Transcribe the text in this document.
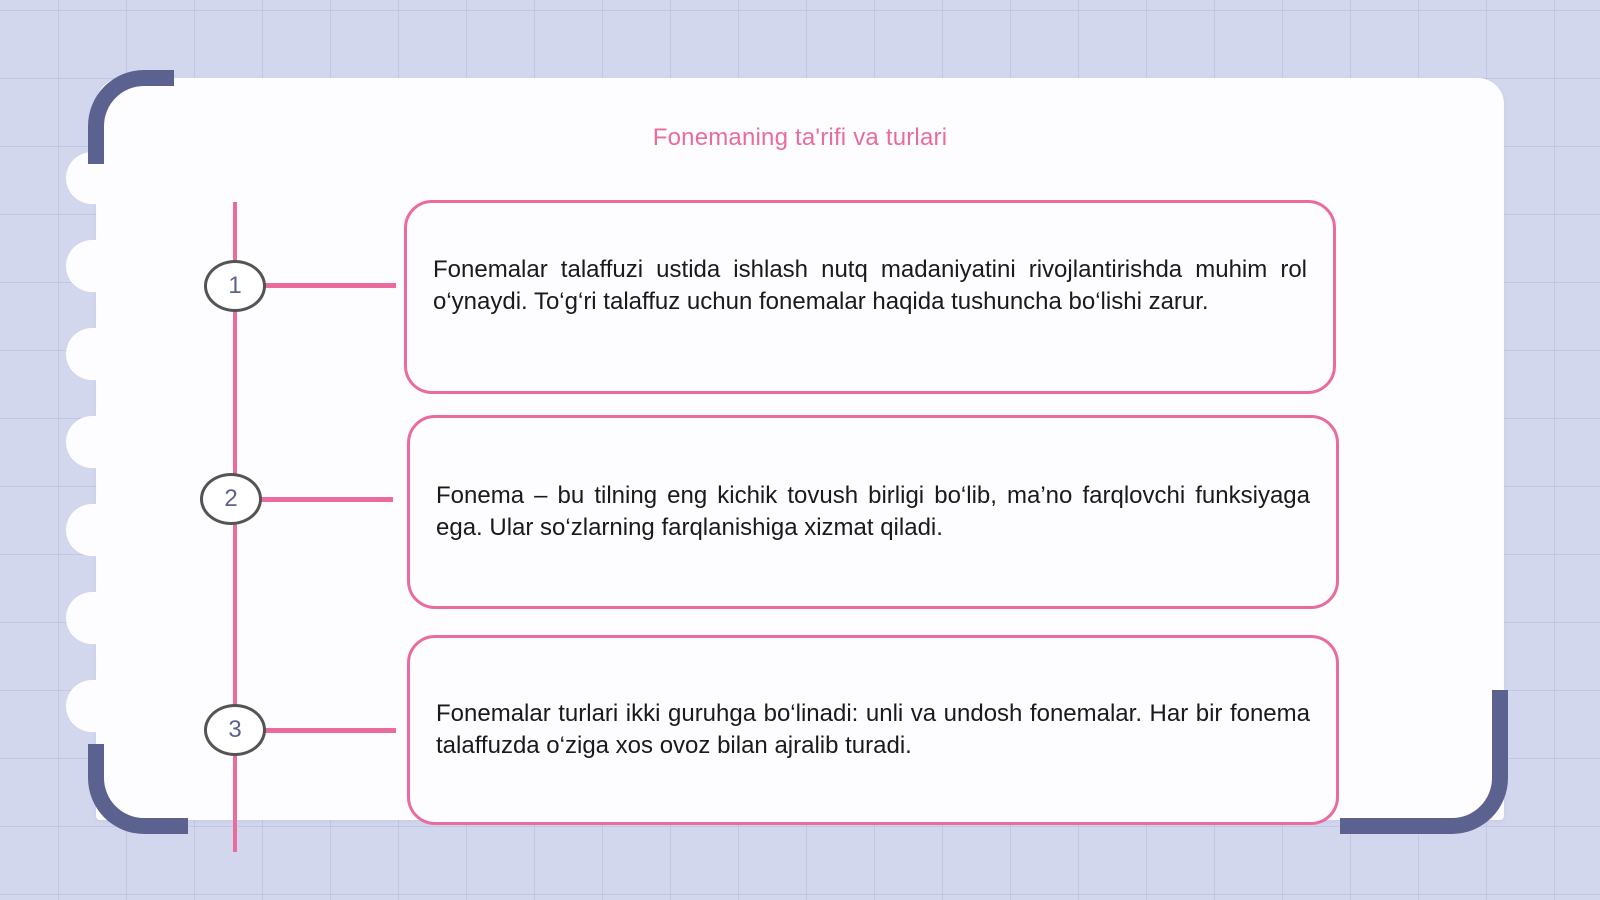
Fonemaning ta'rifi va turlari
1
2
3
Fonemalar talaffuzi ustida ishlash nutq madaniyatini rivojlantirishda muhim rol o‘ynaydi. To‘g‘ri talaffuz uchun fonemalar haqida tushuncha bo‘lishi zarur.
Fonema – bu tilning eng kichik tovush birligi bo‘lib, ma’no farqlovchi funksiyaga ega. Ular so‘zlarning farqlanishiga xizmat qiladi.
Fonemalar turlari ikki guruhga bo‘linadi: unli va undosh fonemalar. Har bir fonema talaffuzda o‘ziga xos ovoz bilan ajralib turadi.
